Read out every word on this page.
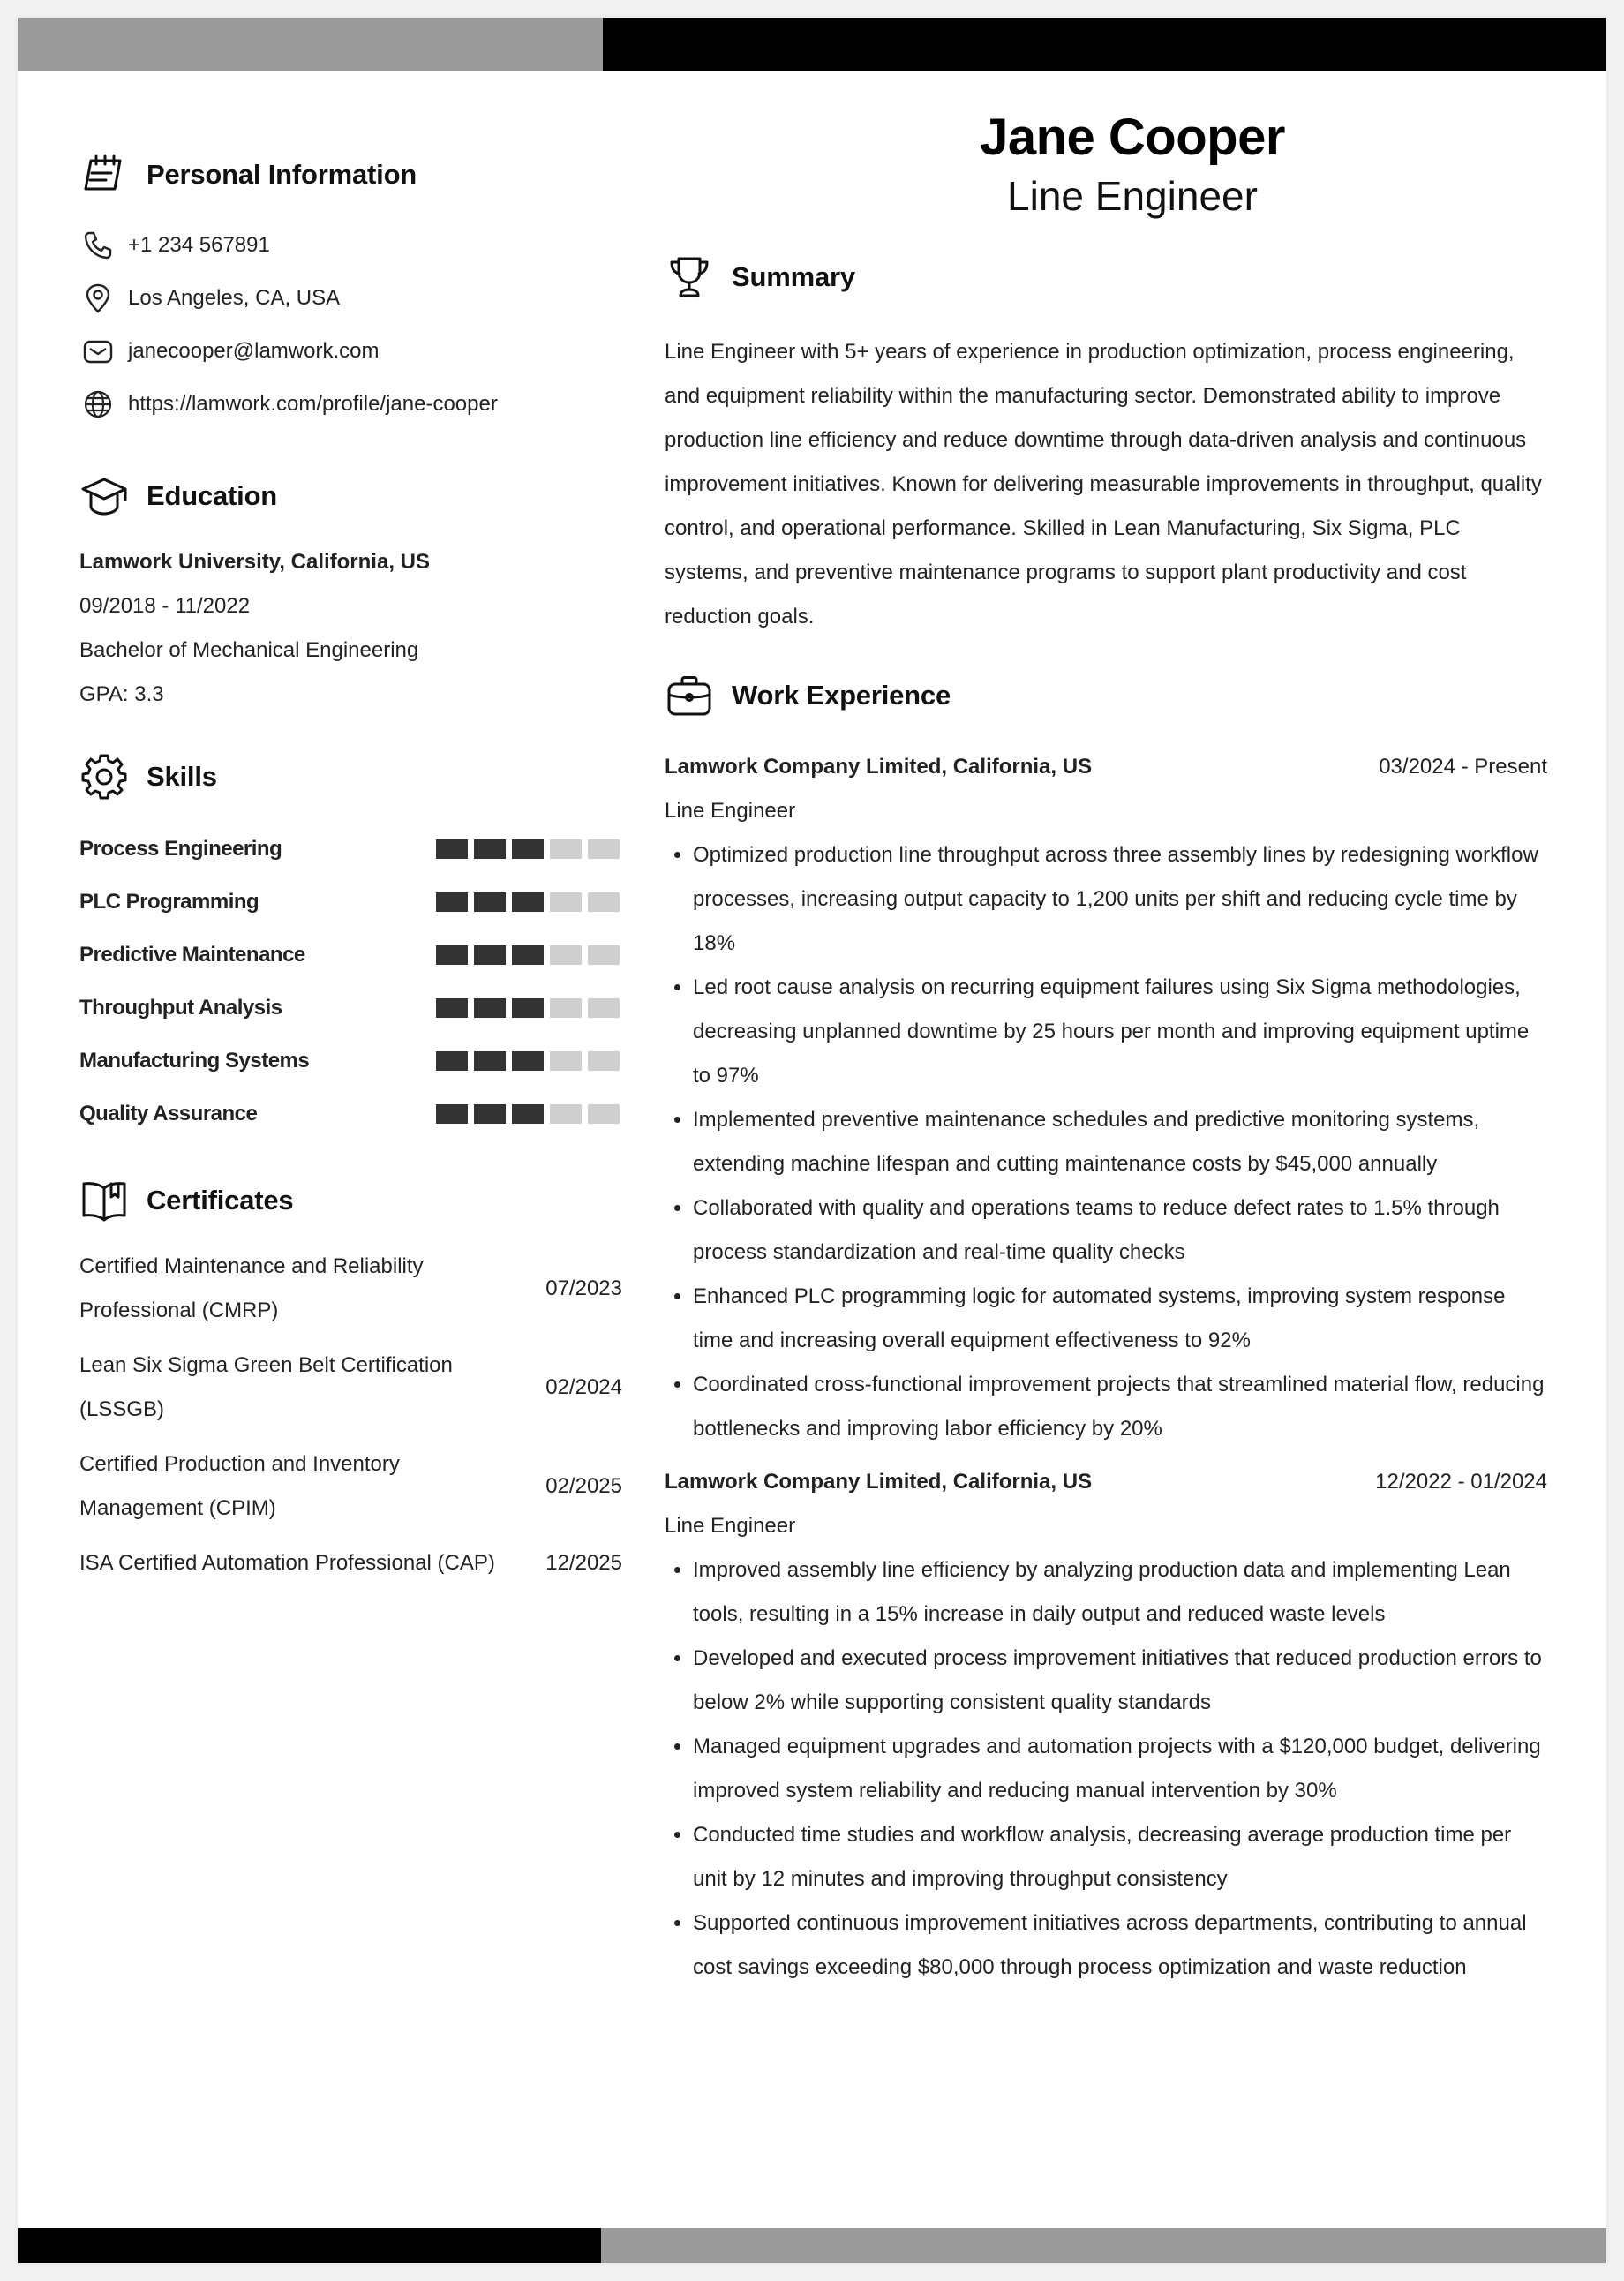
Personal Information
+1 234 567891
Los Angeles, CA, USA
janecooper@lamwork.com
https://lamwork.com/profile/jane-cooper
Education
Lamwork University, California, US
09/2018 - 11/2022
Bachelor of Mechanical Engineering
GPA: 3.3
Skills
Process Engineering
PLC Programming
Predictive Maintenance
Throughput Analysis
Manufacturing Systems
Quality Assurance
Certificates
Certified Maintenance and Reliability Professional (CMRP)
07/2023
Lean Six Sigma Green Belt Certification (LSSGB)
02/2024
Certified Production and Inventory Management (CPIM)
02/2025
ISA Certified Automation Professional (CAP)	12/2025
Jane Cooper
Line Engineer
Summary
Line Engineer with 5+ years of experience in production optimization, process engineering, and equipment reliability within the manufacturing sector. Demonstrated ability to improve production line efficiency and reduce downtime through data-driven analysis and continuous improvement initiatives. Known for delivering measurable improvements in throughput, quality control, and operational performance. Skilled in Lean Manufacturing, Six Sigma, PLC systems, and preventive maintenance programs to support plant productivity and cost reduction goals.
Work Experience
Lamwork Company Limited, California, US	03/2024 - Present
Line Engineer
• Optimized production line throughput across three assembly lines by redesigning workflow processes, increasing output capacity to 1,200 units per shift and reducing cycle time by 18%
• Led root cause analysis on recurring equipment failures using Six Sigma methodologies, decreasing unplanned downtime by 25 hours per month and improving equipment uptime to 97%
• Implemented preventive maintenance schedules and predictive monitoring systems, extending machine lifespan and cutting maintenance costs by $45,000 annually
• Collaborated with quality and operations teams to reduce defect rates to 1.5% through process standardization and real-time quality checks
• Enhanced PLC programming logic for automated systems, improving system response time and increasing overall equipment effectiveness to 92%
• Coordinated cross-functional improvement projects that streamlined material flow, reducing bottlenecks and improving labor efficiency by 20%
Lamwork Company Limited, California, US	12/2022 - 01/2024
Line Engineer
• Improved assembly line efficiency by analyzing production data and implementing Lean tools, resulting in a 15% increase in daily output and reduced waste levels
• Developed and executed process improvement initiatives that reduced production errors to below 2% while supporting consistent quality standards
• Managed equipment upgrades and automation projects with a $120,000 budget, delivering improved system reliability and reducing manual intervention by 30%
• Conducted time studies and workflow analysis, decreasing average production time per unit by 12 minutes and improving throughput consistency
• Supported continuous improvement initiatives across departments, contributing to annual cost savings exceeding $80,000 through process optimization and waste reduction
